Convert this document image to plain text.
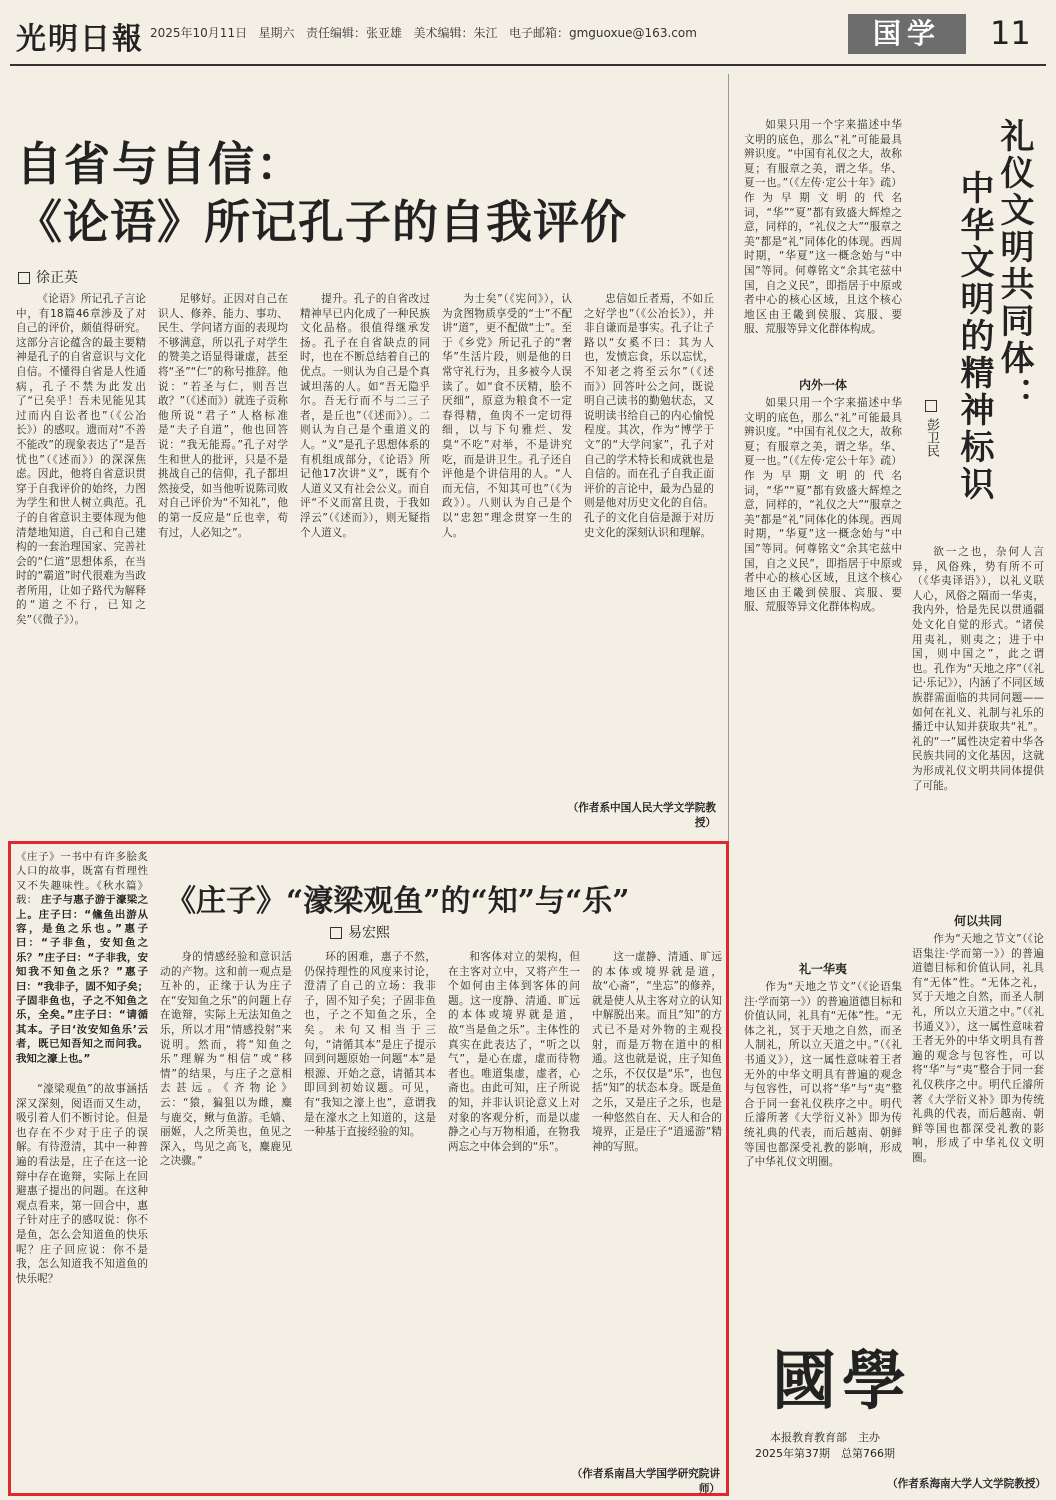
光明日報 2025年10月11日 星期六 责任编辑：张亚雄 美术编辑：朱江 电子邮箱：gmguoxue@163.com	国学	11
自省与自信：
《论语》所记孔子的自我评价
徐正英

《论语》所记孔子言论中，有18篇46章涉及了对自己的评价，颇值得研究。这部分言论蕴含的最主要精神是孔子的自省意识与文化自信。不懂得自省是人性通病，孔子不禁为此发出了“已矣乎！吾未见能见其过而内自讼者也”（《公冶长》）的感叹。遗而对“不善不能改”的现象表达了“是吾忧也”（《述而》）的深深焦虑。因此，他将自省意识贯穿于自我评价的始终，力图为学生和世人树立典范。孔子的自省意识主要体现为他清楚地知道，自己和自己建构的一套治理国家、完善社会的“仁道”思想体系，在当时的“霸道”时代很难为当政者所用，让如子路代为解释的“道之不行，已知之矣”（《微子》）。

足够好。正因对自己在识人、修养、能力、事功、民生、学问诸方面的表现均不够满意，所以孔子对学生的赞美之语显得谦虚，甚至将“圣”“仁”的称号推辞。他说：“若圣与仁，则吾岂敢？”（《述而》）就连子贡称他所说“君子”人格标准是“夫子自道”，他也回答说：“我无能焉。”孔子对学生和世人的批评，只是不是挑战自己的信仰，孔子都坦然接受，如当他听说陈司败对自己评价为“不知礼”，他的第一反应是“丘也幸，苟有过，人必知之”。

提升。孔子的自省改过精神早已内化成了一种民族文化品格。很值得继承发扬。孔子在自省缺点的同时，也在不断总结着自己的优点。一则认为自己是个真诚坦荡的人。如“吾无隐乎尔。吾无行而不与二三子者，是丘也”（《述而》）。二则认为自己是个重道义的人。“义”是孔子思想体系的有机组成部分，《论语》所记他17次讲“义”，既有个人道义又有社会公义。而自评“不义而富且贵，于我如浮云”（《述而》），则无疑指个人道义。

为士矣”（《宪问》），认为贪图物质享受的“士”不配讲“道”，更不配做“士”。至于《乡党》所记孔子的“奢华”生活片段，则是他的日常守礼行为，且多被今人误读了。如“食不厌精，脍不厌细”，原意为粮食不一定春得精，鱼肉不一定切得细，以与下句雅烂、发臭“不吃”对举，不是讲究吃，而是讲卫生。孔子还自评他是个讲信用的人。“人而无信，不知其可也”（《为政》）。八则认为自己是个以“忠恕”理念贯穿一生的人。

忠信如丘者焉，不如丘之好学也”（《公冶长》），并非自谦而是事实。孔子让子路以“女奚不曰：其为人也，发愤忘食，乐以忘忧，不知老之将至云尔”（《述而》）回答叶公之问，既说明自己读书的勤勉状态，又说明读书给自己的内心愉悦程度。其次，作为“博学于文”的“大学问家”，孔子对自己的学术特长和成就也是自信的。而在孔子自我正面评价的言论中，最为凸显的则是他对历史文化的自信。孔子的文化自信是源于对历史文化的深刻认识和理解。

（作者系中国人民大学文学院教授）
礼仪文明共同体：
中华文明的精神标识
彭卫民

如果只用一个字来描述中华文明的底色，那么“礼”可能最具辨识度。“中国有礼仪之大，故称夏；有服章之美，谓之华。华、夏一也。”（《左传·定公十年》疏）作为早期文明的代名词，“华”“夏”都有致盛大辉煌之意，同样的，“礼仪之大”“服章之美”都是“礼”同体化的体现。西周时期，“华夏”这一概念始与“中国”等同。何尊铭文“余其宅兹中国，自之义民”，即指居于中原或者中心的核心区域，且这个核心地区由王畿到侯服、宾服、要服、荒服等异文化群体构成。

内外一体

如果只用一个字来描述中华文明的底色，那么“礼”可能最具辨识度。“中国有礼仪之大，故称夏；有服章之美，谓之华。华、夏一也。”（《左传·定公十年》疏）作为早期文明的代名词，“华”“夏”都有致盛大辉煌之意，同样的，“礼仪之大”“服章之美”都是“礼”同体化的体现。西周时期，“华夏”这一概念始与“中国”等同。何尊铭文“余其宅兹中国，自之义民”，即指居于中原或者中心的核心区域，且这个核心地区由王畿到侯服、宾服、要服、荒服等异文化群体构成。

礼一华夷

作为“天地之节文”（《论语集注·学而第一》）的普遍道德目标和价值认同，礼具有“无体”性。“无体之礼，冥于天地之自然，而圣人制礼，所以立天道之中。”（《礼书通义》），这一属性意味着王者无外的中华文明具有普遍的观念与包容性，可以将“华”与“夷”整合于同一套礼仪秩序之中。明代丘濬所著《大学衍义补》即为传统礼典的代表，而后越南、朝鲜等国也都深受礼教的影响，形成了中华礼仪文明圈。

欲一之也，杂何人言异，风俗殊，势有所不可（《华夷译语》），以礼义联人心，风俗之隔而一华夷，我内外，恰是先民以贯通疆处文化自觉的形式。“诸侯用夷礼，则夷之；进于中国，则中国之”，此之谓也。孔作为“天地之序”（《礼记·乐记》），内涵了不同区域族群需面临的共同问题——如何在礼义、礼制与礼乐的播迁中认知并获取共“礼”。礼的“一”属性决定着中华各民族共同的文化基因，这就为形成礼仪文明共同体提供了可能。

何以共同

作为“天地之节文”（《论语集注·学而第一》）的普遍道德目标和价值认同，礼具有“无体”性。“无体之礼，冥于天地之自然，而圣人制礼，所以立天道之中。”（《礼书通义》），这一属性意味着王者无外的中华文明具有普遍的观念与包容性，可以将“华”与“夷”整合于同一套礼仪秩序之中。明代丘濬所著《大学衍义补》即为传统礼典的代表，而后越南、朝鲜等国也都深受礼教的影响，形成了中华礼仪文明圈。

（作者系海南大学人文学院教授）
國學
本报教育教育部　主办
2025年第37期　总第766期
《庄子》“濠梁观鱼”的“知”与“乐”
易宏熙
《庄子》一书中有许多脍炙人口的故事，既富有哲理性又不失趣味性。《秋水篇》载： 庄子与惠子游于濠梁之上。庄子曰：“儵鱼出游从容，是鱼之乐也。”惠子曰：“子非鱼，安知鱼之乐？”庄子曰：“子非我，安知我不知鱼之乐？”惠子曰：“我非子，固不知子矣；子固非鱼也，子之不知鱼之乐，全矣。”庄子曰：“请循其本。子曰‘汝安知鱼乐’云者，既已知吾知之而问我。我知之濠上也。”

“濠梁观鱼”的故事涵括深又深刻，阅语而又生动，吸引着人们不断讨论。但是也存在不少对于庄子的误解。有待澄清，其中一种普遍的看法是，庄子在这一论辩中存在诡辩，实际上在回避惠子提出的问题。在这种观点看来，第一回合中，惠子针对庄子的感叹说：你不是鱼，怎么会知道鱼的快乐呢？庄子回应说：你不是我，怎么知道我不知道鱼的快乐呢？

身的情感经验和意识活动的产物。这和前一观点是互补的，正缘于认为庄子在“安知鱼之乐”的问题上存在诡辩，实际上无法知鱼之乐，所以才用“情感投射”来说明。然而，将“知鱼之乐”理解为“相信”或“移情”的结果，与庄子之意相去甚远。《齐物论》云：“猿，猵狙以为雌，麋与鹿交，鳅与鱼游。毛嫱、丽姬，人之所美也，鱼见之深入，鸟见之高飞，麋鹿见之决骤。”

环的困难，惠子不然，仍保持理性的风度来讨论，澄清了自己的立场：我非子，固不知子矣；子固非鱼也，子之不知鱼之乐，全矣。未句又相当于三句，“请循其本”是庄子提示回到问题原始一问题“本”是根源、开始之意，请循其本即回到初始议题。可见，有“我知之濠上也”，意谓我是在濠水之上知道的，这是一种基于直接经验的知。

和客体对立的架构，但在主客对立中，又将产生一个如何由主体到客体的问题。这一度静、清通、旷远的本体或境界就是道，故“当是鱼之乐”。主体性的真实在此表达了，“听之以气”，是心在虚，虚而待物者也。唯道集虚，虚者，心斋也。由此可知，庄子所说的知，并非认识论意义上对对象的客观分析，而是以虚静之心与万物相通，在物我两忘之中体会到的“乐”。

这一虚静、清通、旷远的本体或境界就是道，故“心斋”，“坐忘”的修养，就是使人从主客对立的认知中解脱出来。而且“知”的方式已不是对外物的主观投射，而是万物在道中的相通。这也就是说，庄子知鱼之乐，不仅仅是“乐”，也包括“知”的状态本身。既是鱼之乐，又是庄子之乐，也是一种悠然自在、天人和合的境界，正是庄子“逍遥游”精神的写照。

（作者系南昌大学国学研究院讲师）
